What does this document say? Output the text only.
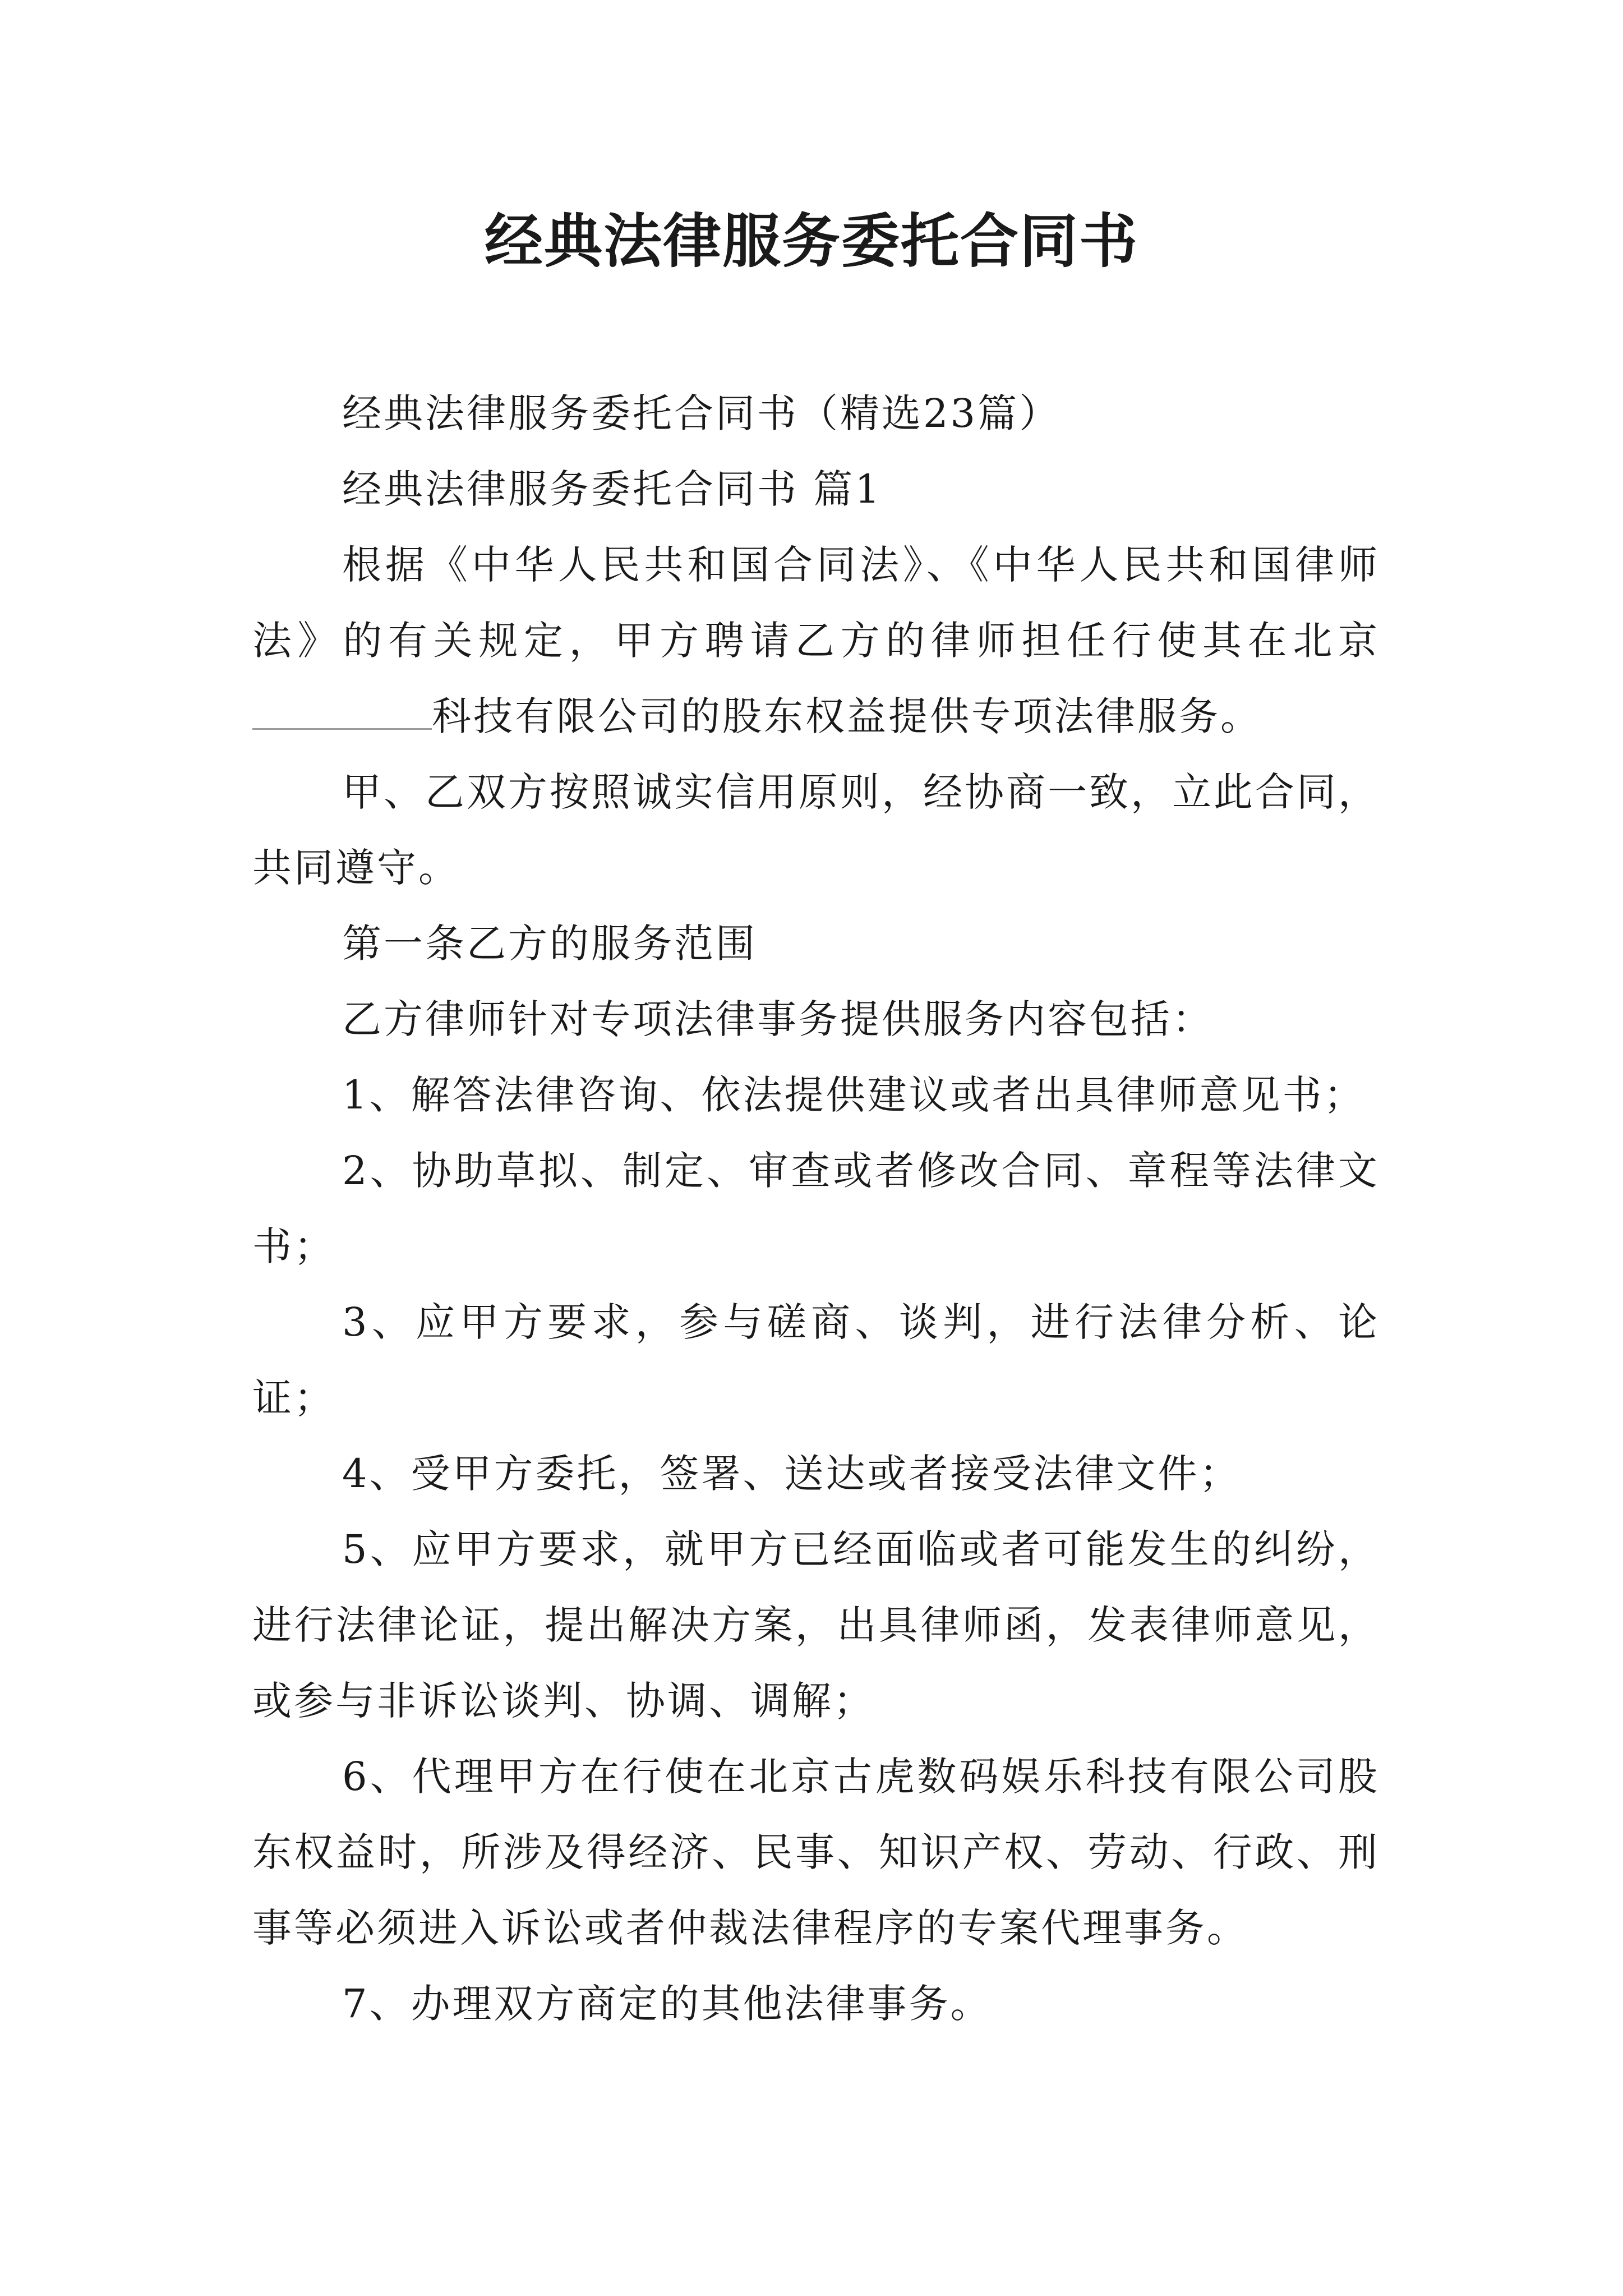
经典法律服务委托合同书

经典法律服务委托合同书（精选23篇）

经典法律服务委托合同书 篇1

根据《中华人民共和国合同法》、《中华人民共和国律师法》的有关规定，甲方聘请乙方的律师担任行使其在北京科技有限公司的股东权益提供专项法律服务。

甲、乙双方按照诚实信用原则，经协商一致，立此合同，共同遵守。

第一条乙方的服务范围

乙方律师针对专项法律事务提供服务内容包括：

1、解答法律咨询、依法提供建议或者出具律师意见书；

2、协助草拟、制定、审查或者修改合同、章程等法律文书；

3、应甲方要求，参与磋商、谈判，进行法律分析、论证；

4、受甲方委托，签署、送达或者接受法律文件；

5、应甲方要求，就甲方已经面临或者可能发生的纠纷，进行法律论证，提出解决方案，出具律师函，发表律师意见，或参与非诉讼谈判、协调、调解；

6、代理甲方在行使在北京古虎数码娱乐科技有限公司股东权益时，所涉及得经济、民事、知识产权、劳动、行政、刑事等必须进入诉讼或者仲裁法律程序的专案代理事务。

7、办理双方商定的其他法律事务。
